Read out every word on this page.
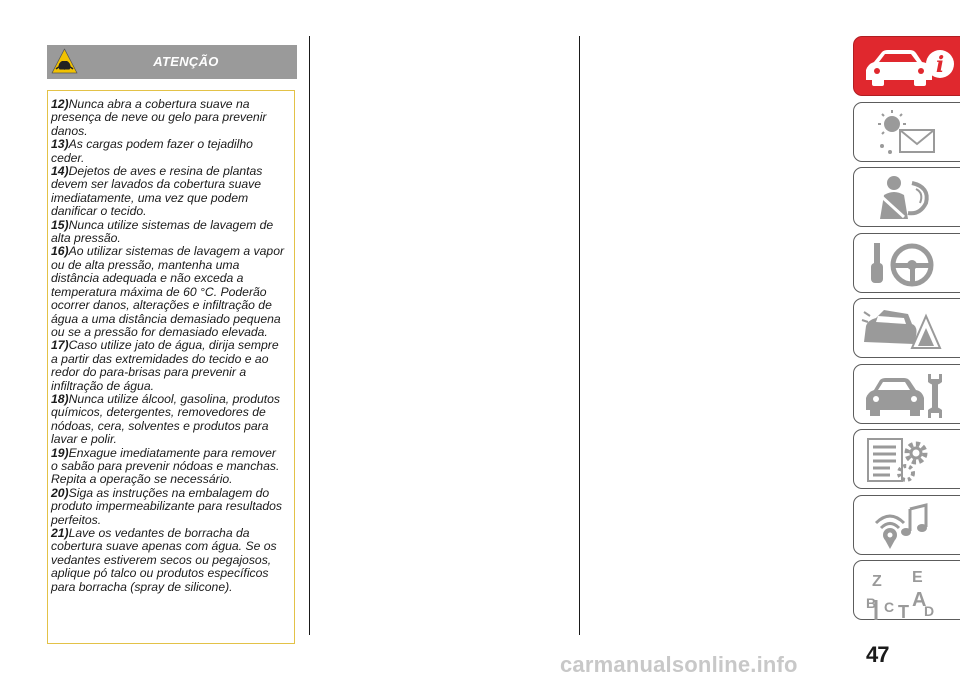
ATENÇÃO

12)Nunca abra a cobertura suave na

presença de neve ou gelo para prevenir

danos.

13)As cargas podem fazer o tejadilho

ceder.

14)Dejetos de aves e resina de plantas

devem ser lavados da cobertura suave

imediatamente, uma vez que podem

danificar o tecido.

15)Nunca utilize sistemas de lavagem de

alta pressão.

16)Ao utilizar sistemas de lavagem a vapor

ou de alta pressão, mantenha uma

distância adequada e não exceda a

temperatura máxima de 60 °C. Poderão

ocorrer danos, alterações e infiltração de

água a uma distância demasiado pequena

ou se a pressão for demasiado elevada.

17)Caso utilize jato de água, dirija sempre

a partir das extremidades do tecido e ao

redor do para-brisas para prevenir a

infiltração de água.

18)Nunca utilize álcool, gasolina, produtos

químicos, detergentes, removedores de

nódoas, cera, solventes e produtos para

lavar e polir.

19)Enxague imediatamente para remover

o sabão para prevenir nódoas e manchas.

Repita a operação se necessário.

20)Siga as instruções na embalagem do

produto impermeabilizante para resultados

perfeitos.

21)Lave os vedantes de borracha da

cobertura suave apenas com água. Se os

vedantes estiverem secos ou pegajosos,

aplique pó talco ou produtos específicos

para borracha (spray de silicone).

i
Z E
B A
C D
T
47
carmanualsonline.info
